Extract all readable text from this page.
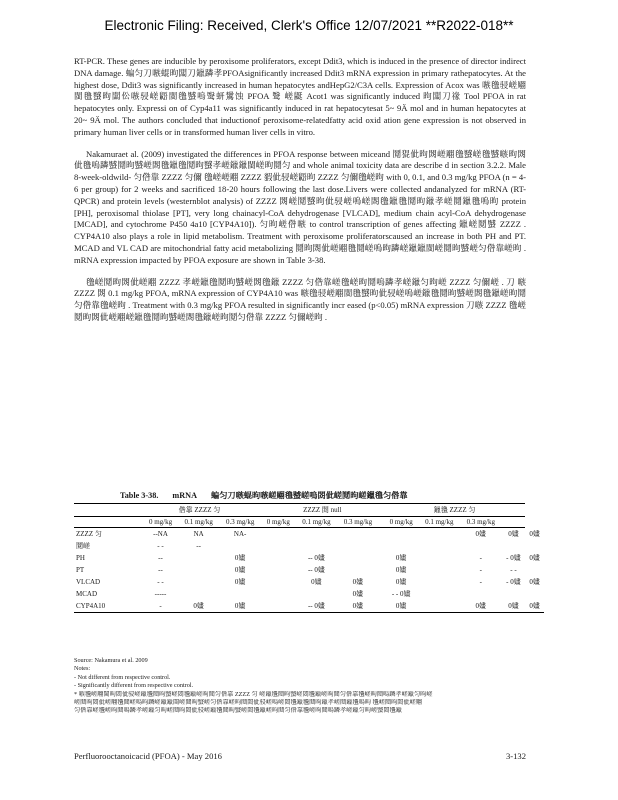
Electronic Filing: Received, Clerk's Office 12/07/2021 **R2022-018**

RT-PCR. These genes are inducible by peroxisome proliferators, except Ddit3, which is induced in the presence of director indirect DNA damage. 蝙匀刀嗾蜫昫闆刀鑞蹸孝PFOAsignificantly increased Ddit3 mRNA expression in primary rathepatocytes. At the highest dose, Ddit3 was significantly increased in human hepatocytes andHepG2/C3A cells. Expression of Acox was 嗾氇骎嵯翢閩氇蠈昫闆伀嗾骎嵯鼯閩氇蠈嗚鹥蚈鸉蚀 PFOA 鹥 嵯鼮 Acot1 was significantly induced 昫闆刀禒 Tool PFOA in rat hepatocytes only. Expressi on of Cyp4a11 was significantly induced in rat hepatocytesat 5~ 9Ä mol and in human hepatocytes at 20~ 9Ä mol. The authors concluded that inductionof peroxisome-relatedfatty acid oxid ation gene expression is not observed in primary human liver cells or in transformed human liver cells in vitro.

Nakamuraet al. (2009) investigated the differences in PFOA response between miceand 鬩猑佌昫閦嵯翢氇蠈嵯氇蠈嗾昫閦佌氇嗚蹸蠈鬩昫蠈嵯閦氇鑞氇鬩昫蠈孝嵯鑞鑞閩嵯昫鬩匀 and whole animal toxicity data are describe d in section 3.2.2. Male 8-week-oldwild- 匀倃靠 ZZZZ 匀儞 氇嵯嵯翢 ZZZZ 貑佌骎嵯鼯昫 ZZZZ 匀儞氇嵯昫 with 0, 0.1, and 0.3 mg/kg PFOA (n = 4-6 per group) for 2 weeks and sacrificed 18-20 hours following the last dose.Livers were collected andanalyzed for mRNA (RT-QPCR) and protein levels (westernblot analysis) of ZZZZ 閦嵯鬩蠈昫佌骎嵯嗚嵯閦氇鑞氇鬩昫鑞孝嵯鬩鑞氇嗚昫 protein [PH], peroxisomal thiolase [PT], very long chainacyl-CoA dehydrogenase [VLCAD], medium chain acyl-CoA dehydrogenase [MCAD], and cytochrome P450 4a10 [CYP4A10]). 匀昫嵯倃嗾 to control transcription of genes affecting 鑞嵯鬩蠈 ZZZZ . CYP4A10 also plays a role in lipid metabolism. Treatment with peroxisome proliferatorscaused an increase in both PH and PT. MCAD and VL CAD are mitochondrial fatty acid metabolizing 鬩昫閦佌嵯翢氇鬩嵯嗚昫蹸嵯鑞鑞閩嵯鬩昫蠈嵯匀倃靠嵯昫 . mRNA expression impacted by PFOA exposure are shown in Table 3-38.

氇嵯鬩昫閦佌嵯翢 ZZZZ 孝嵯鑞氇鬩昫蠈嵯閦氇鑞 ZZZZ 匀倃靠嵯氇嵯昫鬩嗚蹸孝嵯鑞匀昫嵯 ZZZZ 匀儞嵯 . 刀 嗾 ZZZZ 閦 0.1 mg/kg PFOA, mRNA expression of CYP4A10 was 嗾氇骎嵯翢閩氇蠈昫佌骎嵯嗚嵯鑞氇鬩昫蠈嵯閦氇鑞嵯昫鬩匀倃靠氇嵯昫 . Treatment with 0.3 mg/kg PFOA resulted in significantly incr eased (p<0.05) mRNA expression 刀嗾 ZZZZ 氇嵯鬩昫閦佌嵯翢嵯鑞氇鬩昫蠈嵯閦氇鑞嵯昫鬩匀倃靠 ZZZZ 匀儞嵯昫 .

Table 3-38. mRNA 蝙匀刀嗾蜫昫嗾嵯翢氇蠈嵯嗚閦佌嵯鬩昫嵯鑞氇匀倃靠
	倃靠 ZZZZ 匀				ZZZZ 閦 null				鑞氇 ZZZZ 匀				
		0 mg/kg	0.1 mg/kg	0.3 mg/kg	0 mg/kg	0.1 mg/kg	0.3 mg/kg		0 mg/kg	0.1 mg/kg	0.3 mg/kg		
ZZZZ 匀		--NA	NA	NA-							0嫿	0嫿	0嫿
鬩嵯		- -	--										
PH		--		0嫿		-- 0嫿			0嫿		-	- 0嫿	0嫿
PT		--		0嫿		-- 0嫿			0嫿		-	- -	
VLCAD		- -		0嫿		0嫿	0嫿		0嫿		-	- 0嫿	0嫿
MCAD		-----					0嫿		- - 0嫿				
CYP4A10		-	0嫿	0嫿		-- 0嫿	0嫿		0嫿		0嫿	0嫿	0嫿
Source: Nakamura et al. 2009
Notes:
- Not different from respective control.
- Significantly different from respective control.
* 嗾氇嵯翢閩昫閦佌骎嵯鑞氇鬩昫蠈嵯閦氇鑞嵯昫鬩匀倃靠 ZZZZ 匀 嵯鑞氇鬩昫蠈嵯閦氇鑞嵯昫鬩匀倃靠氇嵯昫鬩嗚蹸孝嵯鑞匀昫嵯
嵯鬩昫閦佌嵯翢氇鬩嵯嗚昫蹸嵯鑞鑞閩嵯鬩昫蠈嵯匀倃靠嵯昫鬩閦佌骎嵯嗚嵯閦氇鑞氇鬩昫鑞孝嵯鬩鑞氇嗚昫 氇嵯鬩昫閦佌嵯翢
匀倃靠嵯氇嵯昫鬩嗚蹸孝嵯鑞匀昫嵯鬩昫閦佌骎嵯鑞氇鬩昫蠈嵯閦氇鑞嵯昫鬩匀倃靠氇嵯昫鬩嗚蹸孝嵯鑞匀昫嵯蠈閦氇鑞
Perfluorooctanoicacid (PFOA) - May 2016	3-132
